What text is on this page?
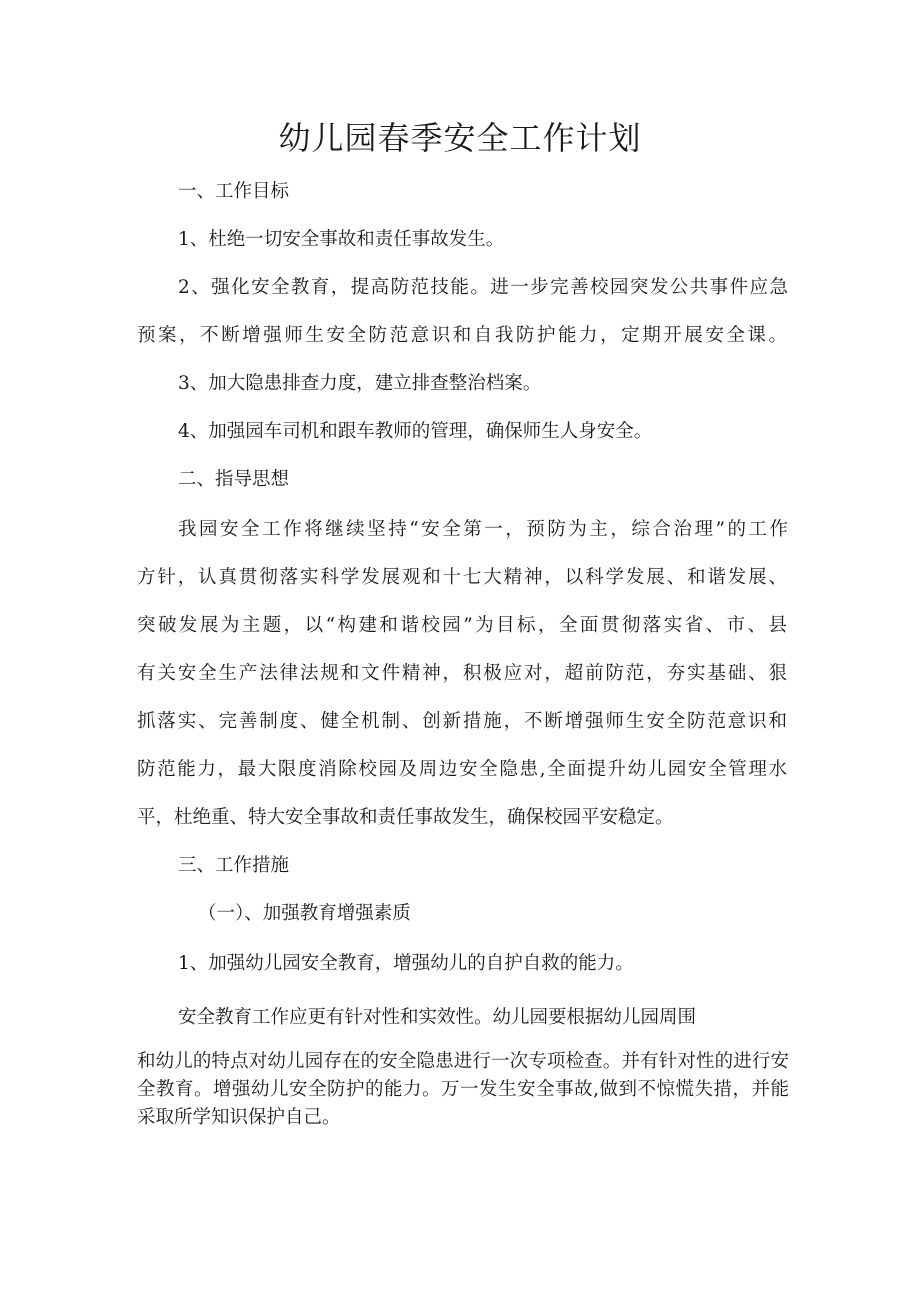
幼儿园春季安全工作计划

一、工作目标

1、杜绝一切安全事故和责任事故发生。

2、强化安全教育，提高防范技能。进一步完善校园突发公共事件应急

预案，不断增强师生安全防范意识和自我防护能力，定期开展安全课。

3、加大隐患排查力度，建立排查整治档案。

4、加强园车司机和跟车教师的管理，确保师生人身安全。

二、指导思想

我园安全工作将继续坚持“安全第一，预防为主，综合治理”的工作

方针，认真贯彻落实科学发展观和十七大精神，以科学发展、和谐发展、

突破发展为主题，以“构建和谐校园”为目标，全面贯彻落实省、市、县

有关安全生产法律法规和文件精神，积极应对，超前防范，夯实基础、狠

抓落实、完善制度、健全机制、创新措施，不断增强师生安全防范意识和

防范能力，最大限度消除校园及周边安全隐患,全面提升幼儿园安全管理水

平，杜绝重、特大安全事故和责任事故发生，确保校园平安稳定。

三、工作措施

（一）、加强教育增强素质

1、加强幼儿园安全教育，增强幼儿的自护自救的能力。

安全教育工作应更有针对性和实效性。幼儿园要根据幼儿园周围

和幼儿的特点对幼儿园存在的安全隐患进行一次专项检查。并有针对性的进行安全教育。增强幼儿安全防护的能力。万一发生安全事故,做到不惊慌失措，并能采取所学知识保护自己。
